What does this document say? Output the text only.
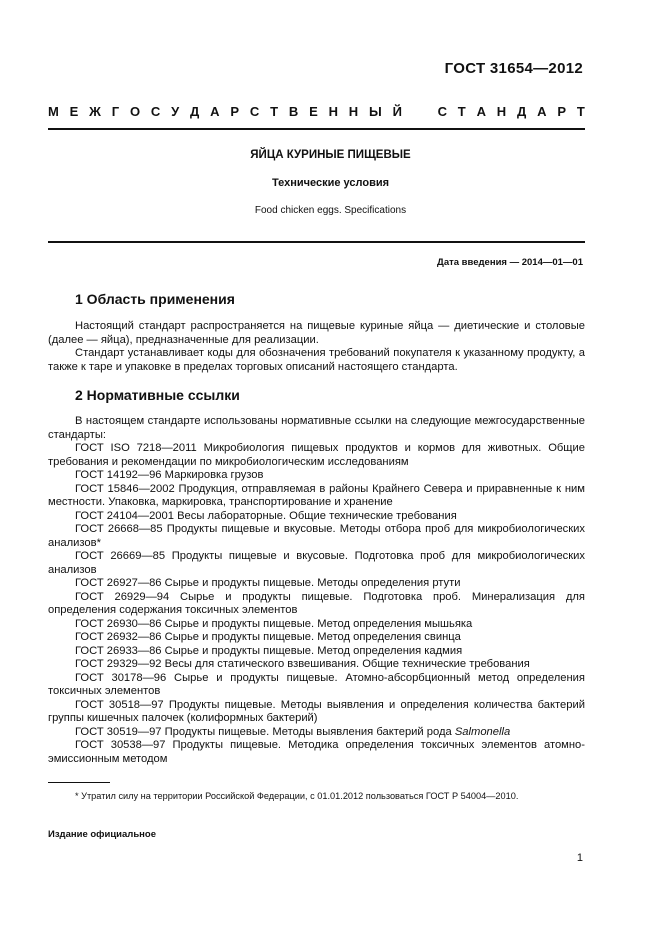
ГОСТ 31654—2012
М Е Ж Г О С У Д А Р С Т В Е Н Н Ы Й	С Т А Н Д А Р Т
ЯЙЦА КУРИНЫЕ ПИЩЕВЫЕ
Технические условия
Food chicken eggs. Specifications
Дата введения — 2014—01—01
1 Область применения

Настоящий стандарт распространяется на пищевые куриные яйца — диетические и столовые (далее — яйца), предназначенные для реализации.

Стандарт устанавливает коды для обозначения требований покупателя к указанному продукту, а также к таре и упаковке в пределах торговых описаний настоящего стандарта.

2 Нормативные ссылки

В настоящем стандарте использованы нормативные ссылки на следующие межгосударственные стандарты:

ГОСТ ISO 7218—2011 Микробиология пищевых продуктов и кормов для животных. Общие требования и рекомендации по микробиологическим исследованиям

ГОСТ 14192—96 Маркировка грузов

ГОСТ 15846—2002 Продукция, отправляемая в районы Крайнего Севера и приравненные к ним местности. Упаковка, маркировка, транспортирование и хранение

ГОСТ 24104—2001 Весы лабораторные. Общие технические требования

ГОСТ 26668—85 Продукты пищевые и вкусовые. Методы отбора проб для микробиологических анализов*

ГОСТ 26669—85 Продукты пищевые и вкусовые. Подготовка проб для микробиологических анализов

ГОСТ 26927—86 Сырье и продукты пищевые. Методы определения ртути

ГОСТ 26929—94 Сырье и продукты пищевые. Подготовка проб. Минерализация для определения содержания токсичных элементов

ГОСТ 26930—86 Сырье и продукты пищевые. Метод определения мышьяка

ГОСТ 26932—86 Сырье и продукты пищевые. Метод определения свинца

ГОСТ 26933—86 Сырье и продукты пищевые. Метод определения кадмия

ГОСТ 29329—92 Весы для статического взвешивания. Общие технические требования

ГОСТ 30178—96 Сырье и продукты пищевые. Атомно-абсорбционный метод определения токсичных элементов

ГОСТ 30518—97 Продукты пищевые. Методы выявления и определения количества бактерий группы кишечных палочек (колиформных бактерий)

ГОСТ 30519—97 Продукты пищевые. Методы выявления бактерий рода Salmonella

ГОСТ 30538—97 Продукты пищевые. Методика определения токсичных элементов атомно-эмиссионным методом

* Утратил силу на территории Российской Федерации, с 01.01.2012 пользоваться ГОСТ Р 54004—2010.
Издание официальное
1
